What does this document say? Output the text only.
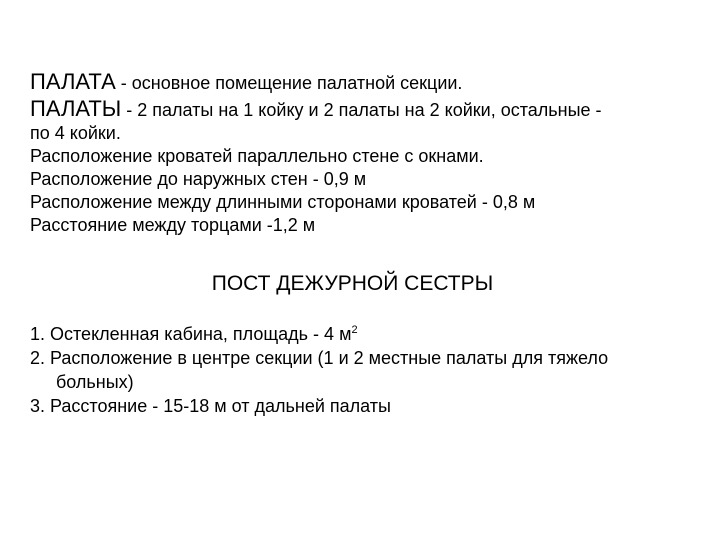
ПАЛАТА - основное помещение палатной секции.
ПАЛАТЫ - 2 палаты на 1 койку и 2 палаты на 2 койки, остальные -
по 4 койки.
Расположение кроватей параллельно стене с окнами.
Расположение до наружных стен - 0,9 м
Расположение между длинными сторонами кроватей - 0,8 м
Расстояние между торцами -1,2 м
ПОСТ ДЕЖУРНОЙ СЕСТРЫ
1. Остекленная кабина, площадь - 4 $м^2$
2. Расположение в центре секции (1 и 2 местные палаты для тяжело
больных)
3. Расстояние - 15-18 м от дальней палаты
